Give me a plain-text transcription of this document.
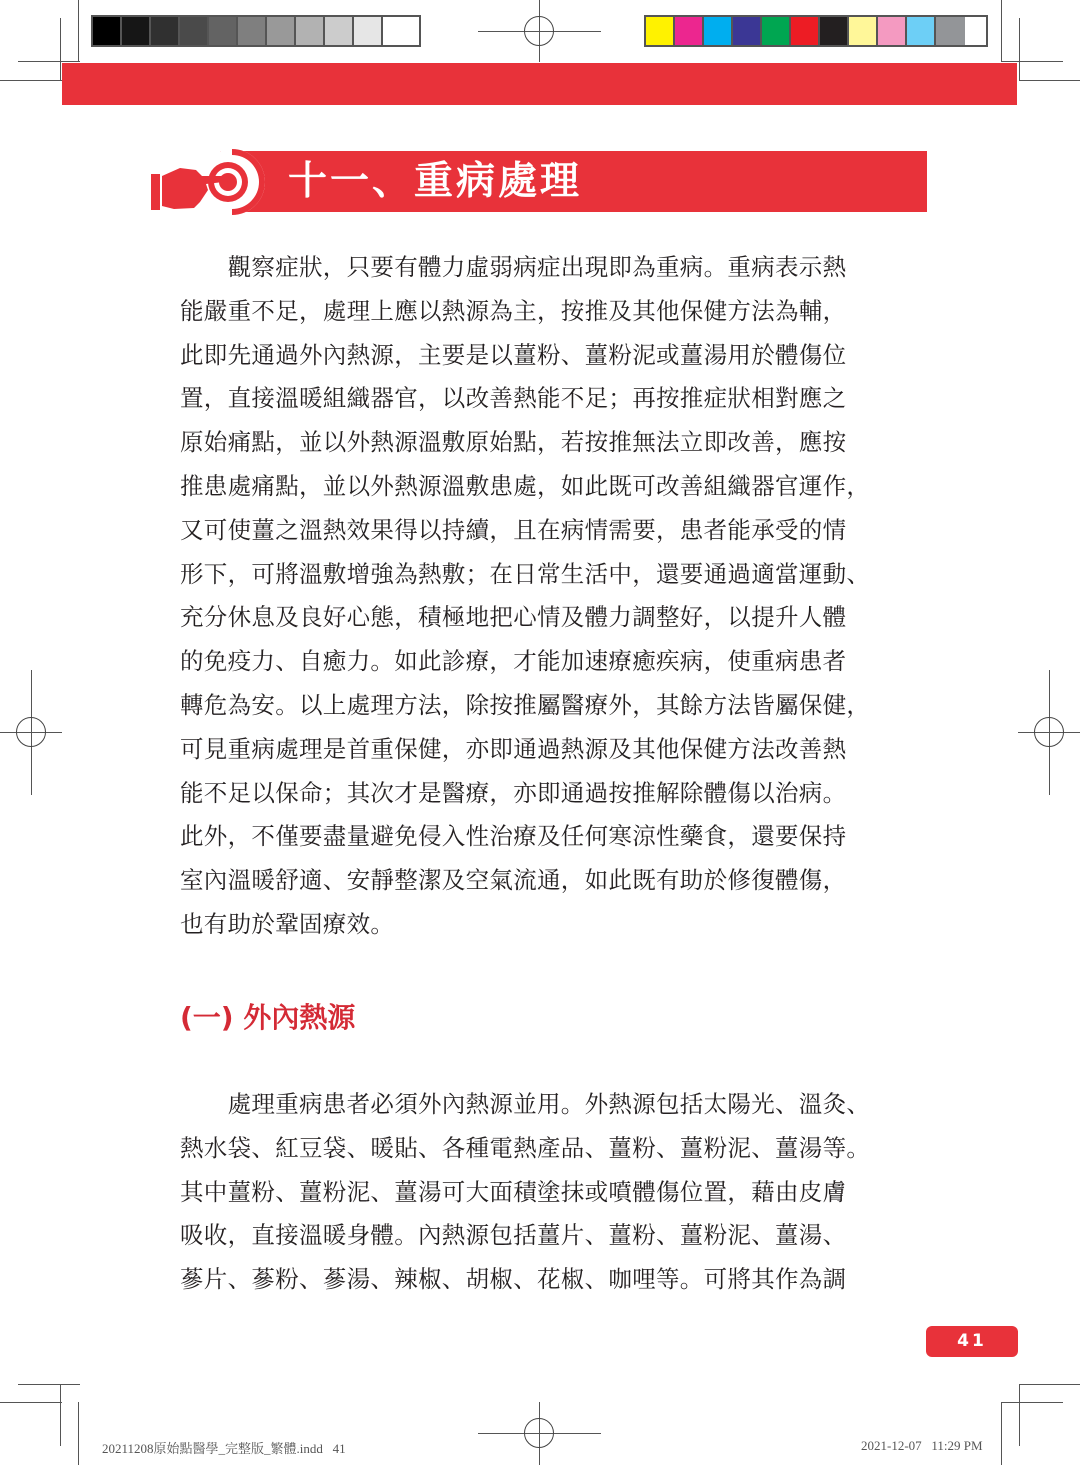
十一、重病處理

　　觀察症狀，只要有體力虛弱病症出現即為重病。重病表示熱

能嚴重不足，處理上應以熱源為主，按推及其他保健方法為輔，

此即先通過外內熱源，主要是以薑粉、薑粉泥或薑湯用於體傷位

置，直接溫暖組織器官，以改善熱能不足；再按推症狀相對應之

原始痛點，並以外熱源溫敷原始點，若按推無法立即改善，應按

推患處痛點，並以外熱源溫敷患處，如此既可改善組織器官運作，

又可使薑之溫熱效果得以持續，且在病情需要，患者能承受的情

形下，可將溫敷增強為熱敷；在日常生活中，還要通過適當運動、

充分休息及良好心態，積極地把心情及體力調整好，以提升人體

的免疫力、自癒力。如此診療，才能加速療癒疾病，使重病患者

轉危為安。以上處理方法，除按推屬醫療外，其餘方法皆屬保健，

可見重病處理是首重保健，亦即通過熱源及其他保健方法改善熱

能不足以保命；其次才是醫療，亦即通過按推解除體傷以治病。

此外，不僅要盡量避免侵入性治療及任何寒涼性藥食，還要保持

室內溫暖舒適、安靜整潔及空氣流通，如此既有助於修復體傷，

也有助於鞏固療效。

(一) 外內熱源

　　處理重病患者必須外內熱源並用。外熱源包括太陽光、溫灸、

熱水袋、紅豆袋、暖貼、各種電熱產品、薑粉、薑粉泥、薑湯等。

其中薑粉、薑粉泥、薑湯可大面積塗抹或噴體傷位置，藉由皮膚

吸收，直接溫暖身體。內熱源包括薑片、薑粉、薑粉泥、薑湯、

蔘片、蔘粉、蔘湯、辣椒、胡椒、花椒、咖哩等。可將其作為調

41
20211208原始點醫學_完整版_繁體.indd   41	2021-12-07   11:29 PM
